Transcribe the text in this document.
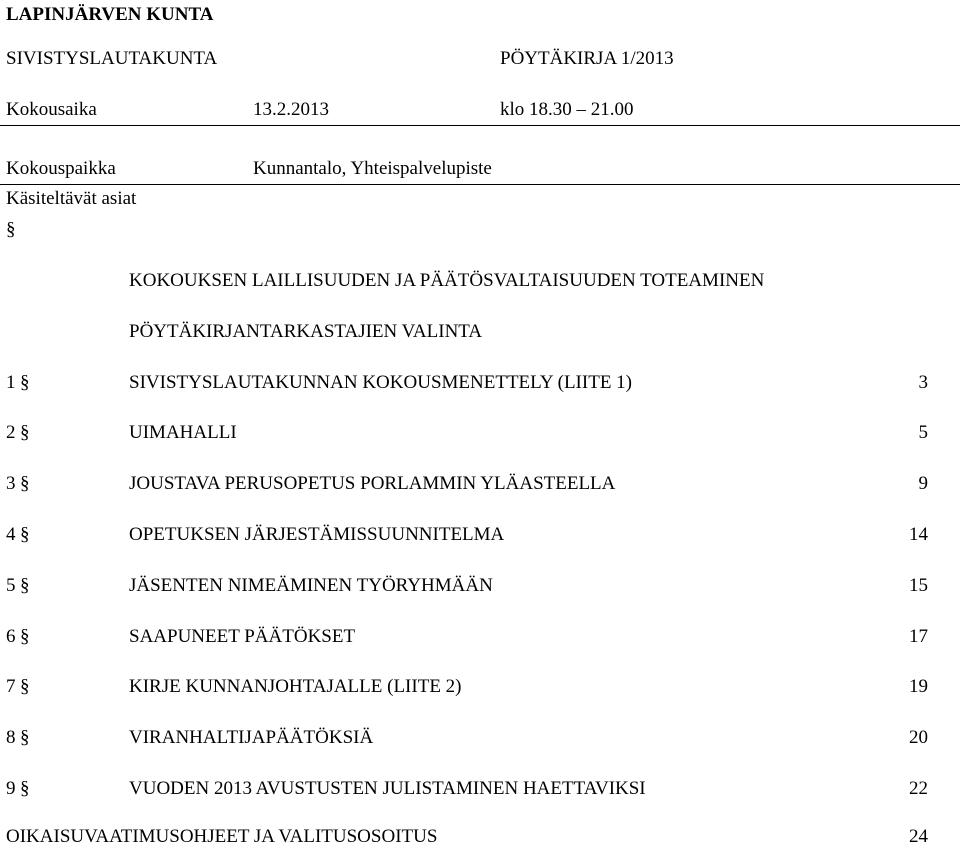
LAPINJÄRVEN KUNTA
SIVISTYSLAUTAKUNTA	PÖYTÄKIRJA 1/2013
Kokousaika	13.2.2013	klo 18.30 – 21.00
Kokouspaikka	Kunnantalo, Yhteispalvelupiste
Käsiteltävät asiat
§
KOKOUKSEN LAILLISUUDEN JA PÄÄTÖSVALTAISUUDEN TOTEAMINEN
PÖYTÄKIRJANTARKASTAJIEN VALINTA
1 §	SIVISTYSLAUTAKUNNAN KOKOUSMENETTELY (LIITE 1)	3
2 §	UIMAHALLI	5
3 §	JOUSTAVA PERUSOPETUS PORLAMMIN YLÄASTEELLA	9
4 §	OPETUKSEN JÄRJESTÄMISSUUNNITELMA	14
5 §	JÄSENTEN NIMEÄMINEN TYÖRYHMÄÄN	15
6 §	SAAPUNEET PÄÄTÖKSET	17
7 §	KIRJE KUNNANJOHTAJALLE (LIITE 2)	19
8 §	VIRANHALTIJAPÄÄTÖKSIÄ	20
9 §	VUODEN 2013 AVUSTUSTEN JULISTAMINEN HAETTAVIKSI	22
OIKAISUVAATIMUSOHJEET JA VALITUSOSOITUS	24
